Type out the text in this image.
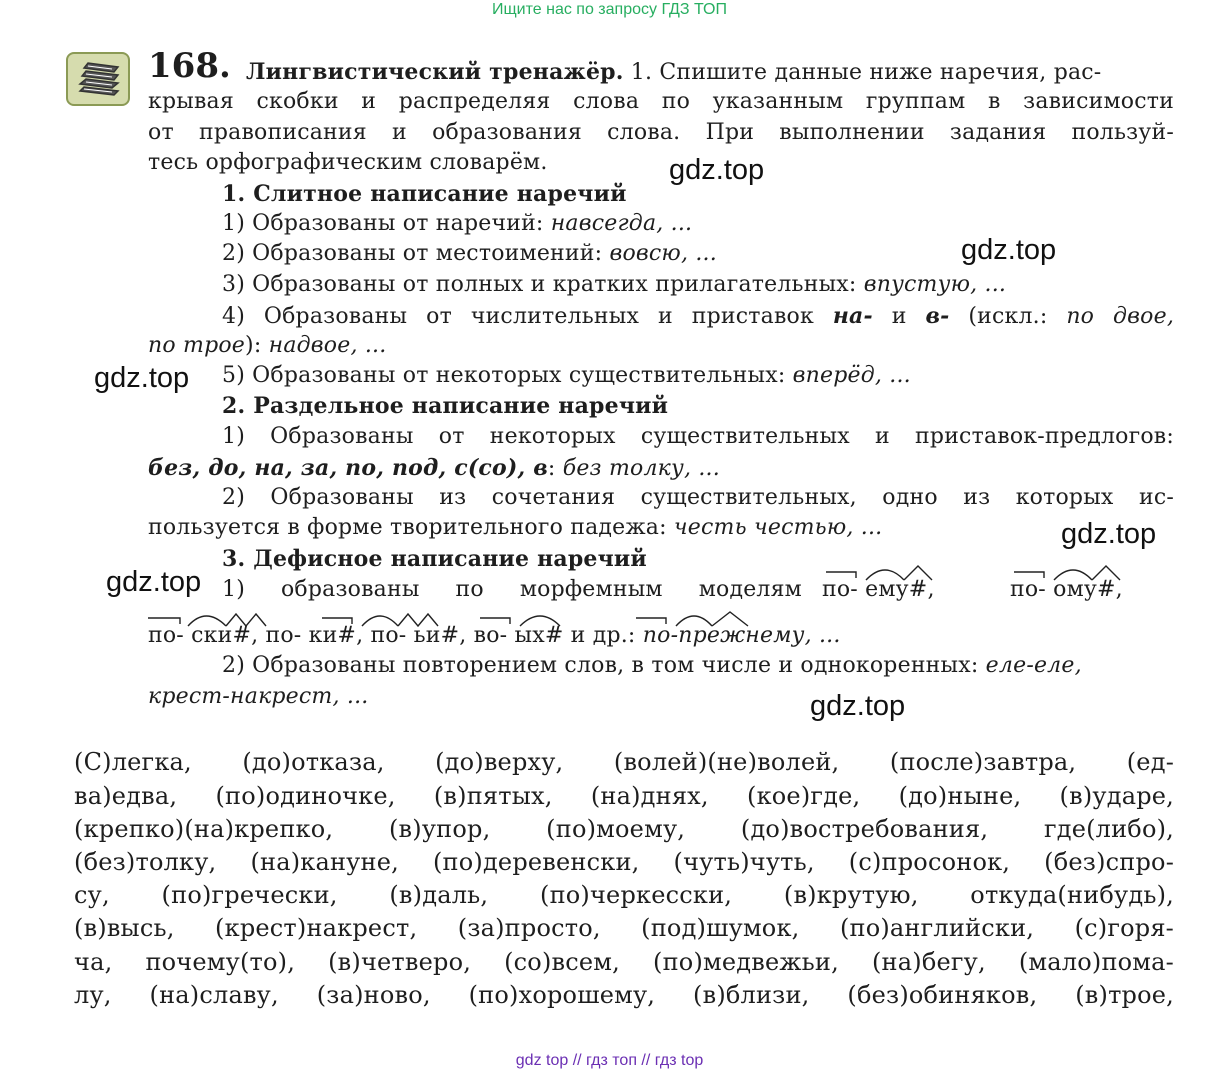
Ищите нас по запросу ГДЗ ТОП
168. Лингвистический тренажёр. 1. Спишите данные ниже наречия, рас-
крывая скобки и распределяя слова по указанным группам в зависимости
от правописания и образования слова. При выполнении задания пользуй-
тесь орфографическим словарём.
1. Слитное написание наречий
1) Образованы от наречий: навсегда, ...
2) Образованы от местоимений: вовсю, ...
3) Образованы от полных и кратких прилагательных: впустую, ...
4) Образованы от числительных и приставок на- и в- (искл.: по двое,
по трое): надвое, ...
5) Образованы от некоторых существительных: вперёд, ...
2. Раздельное написание наречий
1) Образованы от некоторых существительных и приставок-предлогов:
без, до, на, за, по, под, с(со), в: без толку, ...
2) Образованы из сочетания существительных, одно из которых ис-
пользуется в форме творительного падежа: честь честью, ...
3. Дефисное написание наречий
1) образованы по морфемным моделям по- ему#,	по- ому#,
по- ски#, по- ки#, по- ьи#, во- ых# и др.: по-прежнему, ...
2) Образованы повторением слов, в том числе и однокоренных: еле-еле,
крест-накрест, ...
(С)легка, (до)отказа, (до)верху, (волей)(не)волей, (после)завтра, (ед-
ва)едва, (по)одиночке, (в)пятых, (на)днях, (кое)где, (до)ныне, (в)ударе,
(крепко)(на)крепко, (в)упор, (по)моему, (до)востребования, где(либо),
(без)толку, (на)кануне, (по)деревенски, (чуть)чуть, (с)просонок, (без)спро-
су, (по)гречески, (в)даль, (по)черкесски, (в)крутую, откуда(нибудь),
(в)высь, (крест)накрест, (за)просто, (под)шумок, (по)английски, (с)горя-
ча, почему(то), (в)четверо, (со)всем, (по)медвежьи, (на)бегу, (мало)пома-
лу, (на)славу, (за)ново, (по)хорошему, (в)близи, (без)обиняков, (в)трое,
gdz.top
gdz.top
gdz.top
gdz.top
gdz.top
gdz.top
gdz top // гдз топ // гдз top
